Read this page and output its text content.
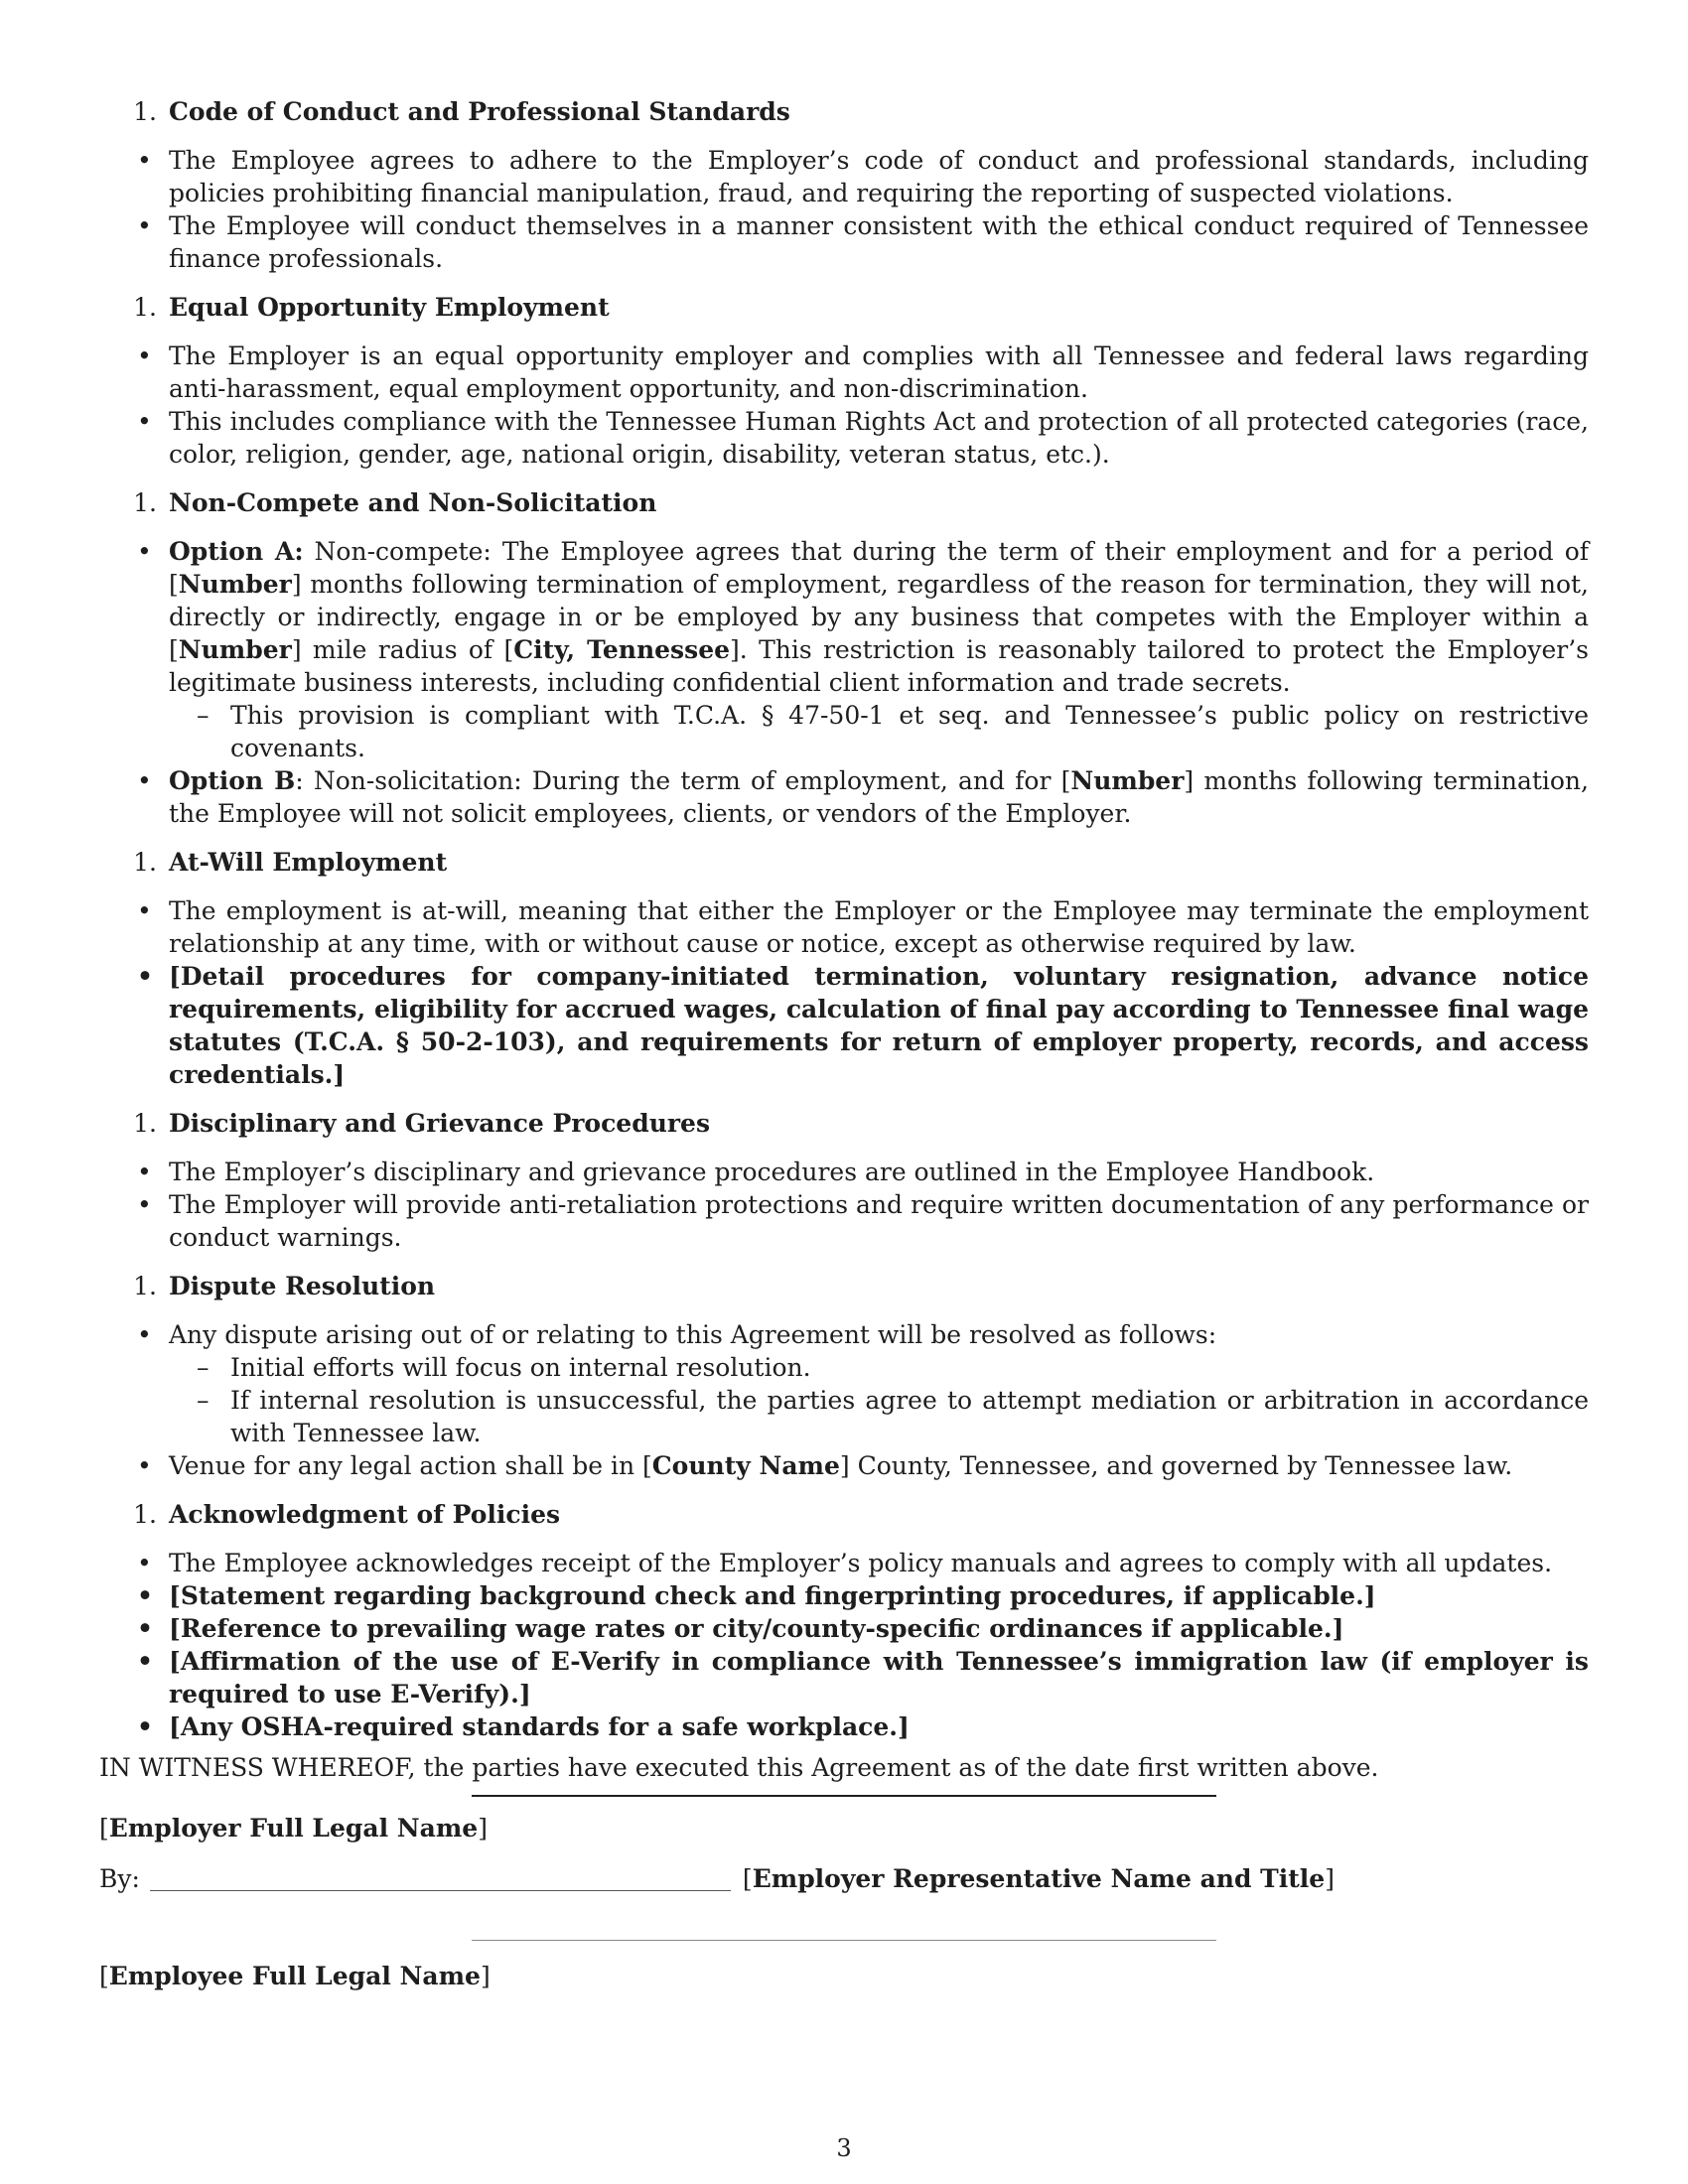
1. Code of Conduct and Professional Standards
• The Employee agrees to adhere to the Employer’s code of conduct and professional standards, including policies prohibiting financial manipulation, fraud, and requiring the reporting of suspected violations.
• The Employee will conduct themselves in a manner consistent with the ethical conduct required of Tennessee finance professionals.
1. Equal Opportunity Employment
• The Employer is an equal opportunity employer and complies with all Tennessee and federal laws regarding anti-harassment, equal employment opportunity, and non-discrimination.
• This includes compliance with the Tennessee Human Rights Act and protection of all protected categories (race, color, religion, gender, age, national origin, disability, veteran status, etc.).
1. Non-Compete and Non-Solicitation
• Option A: Non-compete: The Employee agrees that during the term of their employment and for a period of [Number] months following termination of employment, regardless of the reason for termination, they will not, directly or indirectly, engage in or be employed by any business that competes with the Employer within a [Number] mile radius of [City, Tennessee]. This restriction is reasonably tailored to protect the Employer’s legitimate business interests, including confidential client information and trade secrets.
– This provision is compliant with T.C.A. § 47-50-1 et seq. and Tennessee’s public policy on restrictive covenants.
• Option B: Non-solicitation: During the term of employment, and for [Number] months following termination, the Employee will not solicit employees, clients, or vendors of the Employer.
1. At-Will Employment
• The employment is at-will, meaning that either the Employer or the Employee may terminate the employment relationship at any time, with or without cause or notice, except as otherwise required by law.
• [Detail procedures for company-initiated termination, voluntary resignation, advance notice requirements, eligibility for accrued wages, calculation of final pay according to Tennessee final wage statutes (T.C.A. § 50-2-103), and requirements for return of employer property, records, and access credentials.]
1. Disciplinary and Grievance Procedures
• The Employer’s disciplinary and grievance procedures are outlined in the Employee Handbook.
• The Employer will provide anti-retaliation protections and require written documentation of any performance or conduct warnings.
1. Dispute Resolution
• Any dispute arising out of or relating to this Agreement will be resolved as follows:
– Initial efforts will focus on internal resolution.
– If internal resolution is unsuccessful, the parties agree to attempt mediation or arbitration in accordance with Tennessee law.
• Venue for any legal action shall be in [County Name] County, Tennessee, and governed by Tennessee law.
1. Acknowledgment of Policies
• The Employee acknowledges receipt of the Employer’s policy manuals and agrees to comply with all updates.
• [Statement regarding background check and fingerprinting procedures, if applicable.]
• [Reference to prevailing wage rates or city/county-specific ordinances if applicable.]
• [Affirmation of the use of E-Verify in compliance with Tennessee’s immigration law (if employer is required to use E-Verify).]
• [Any OSHA-required standards for a safe workplace.]
IN WITNESS WHEREOF, the parties have executed this Agreement as of the date first written above.
[Employer Full Legal Name]
By:	[Employer Representative Name and Title]
[Employee Full Legal Name]
3
